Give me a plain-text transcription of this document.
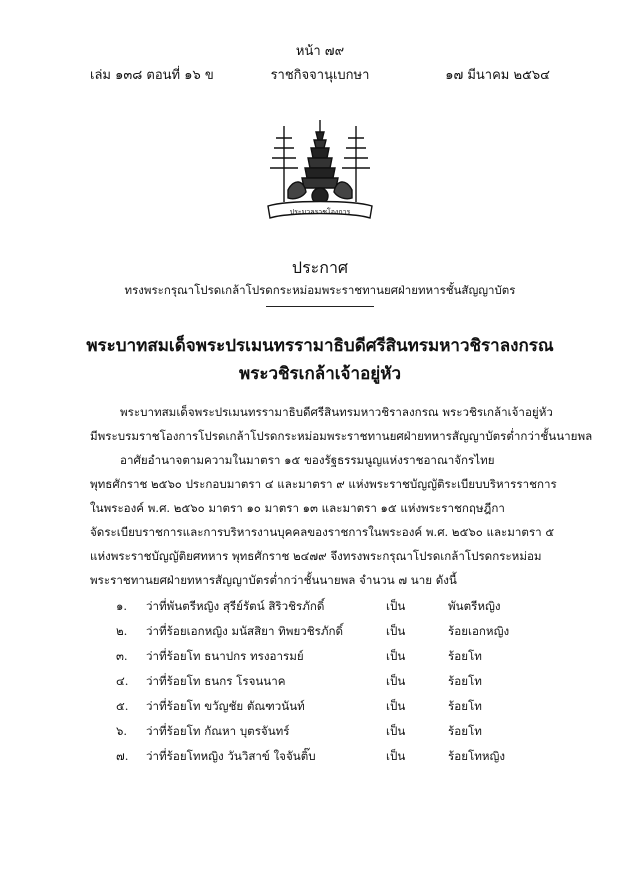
หน้า ๗๙
เล่ม ๑๓๘ ตอนที่ ๑๖ ข	ราชกิจจานุเบกษา	๑๗ มีนาคม ๒๕๖๔
ประมวลราชโองการ
ประกาศ
ทรงพระกรุณาโปรดเกล้าโปรดกระหม่อมพระราชทานยศฝ่ายทหารชั้นสัญญาบัตร
พระบาทสมเด็จพระปรเมนทรรามาธิบดีศรีสินทรมหาวชิราลงกรณ
พระวชิรเกล้าเจ้าอยู่หัว
พระบาทสมเด็จพระปรเมนทรรามาธิบดีศรีสินทรมหาวชิราลงกรณ พระวชิรเกล้าเจ้าอยู่หัว
มีพระบรมราชโองการโปรดเกล้าโปรดกระหม่อมพระราชทานยศฝ่ายทหารสัญญาบัตรต่ำกว่าชั้นนายพล
อาศัยอำนาจตามความในมาตรา ๑๕ ของรัฐธรรมนูญแห่งราชอาณาจักรไทย
พุทธศักราช ๒๕๖๐ ประกอบมาตรา ๔ และมาตรา ๙ แห่งพระราชบัญญัติระเบียบบริหารราชการ
ในพระองค์ พ.ศ. ๒๕๖๐ มาตรา ๑๐ มาตรา ๑๓ และมาตรา ๑๕ แห่งพระราชกฤษฎีกา
จัดระเบียบราชการและการบริหารงานบุคคลของราชการในพระองค์ พ.ศ. ๒๕๖๐ และมาตรา ๕
แห่งพระราชบัญญัติยศทหาร พุทธศักราช ๒๔๗๙ จึงทรงพระกรุณาโปรดเกล้าโปรดกระหม่อม
พระราชทานยศฝ่ายทหารสัญญาบัตรต่ำกว่าชั้นนายพล จำนวน ๗ นาย ดังนี้
๑. ว่าที่พันตรีหญิง สุรีย์รัตน์ สิริวชิรภักดิ์	เป็น	พันตรีหญิง
๒. ว่าที่ร้อยเอกหญิง มนัสสิยา ทิพยวชิรภักดิ์	เป็น	ร้อยเอกหญิง
๓. ว่าที่ร้อยโท ธนาปกร ทรงอารมย์	เป็น	ร้อยโท
๔. ว่าที่ร้อยโท ธนกร โรจนนาค	เป็น	ร้อยโท
๕. ว่าที่ร้อยโท ขวัญชัย ตัณฑวนันท์	เป็น	ร้อยโท
๖. ว่าที่ร้อยโท กัณหา บุตรจันทร์	เป็น	ร้อยโท
๗. ว่าที่ร้อยโทหญิง วันวิสาข์ ใจจันติ๊บ	เป็น	ร้อยโทหญิง
